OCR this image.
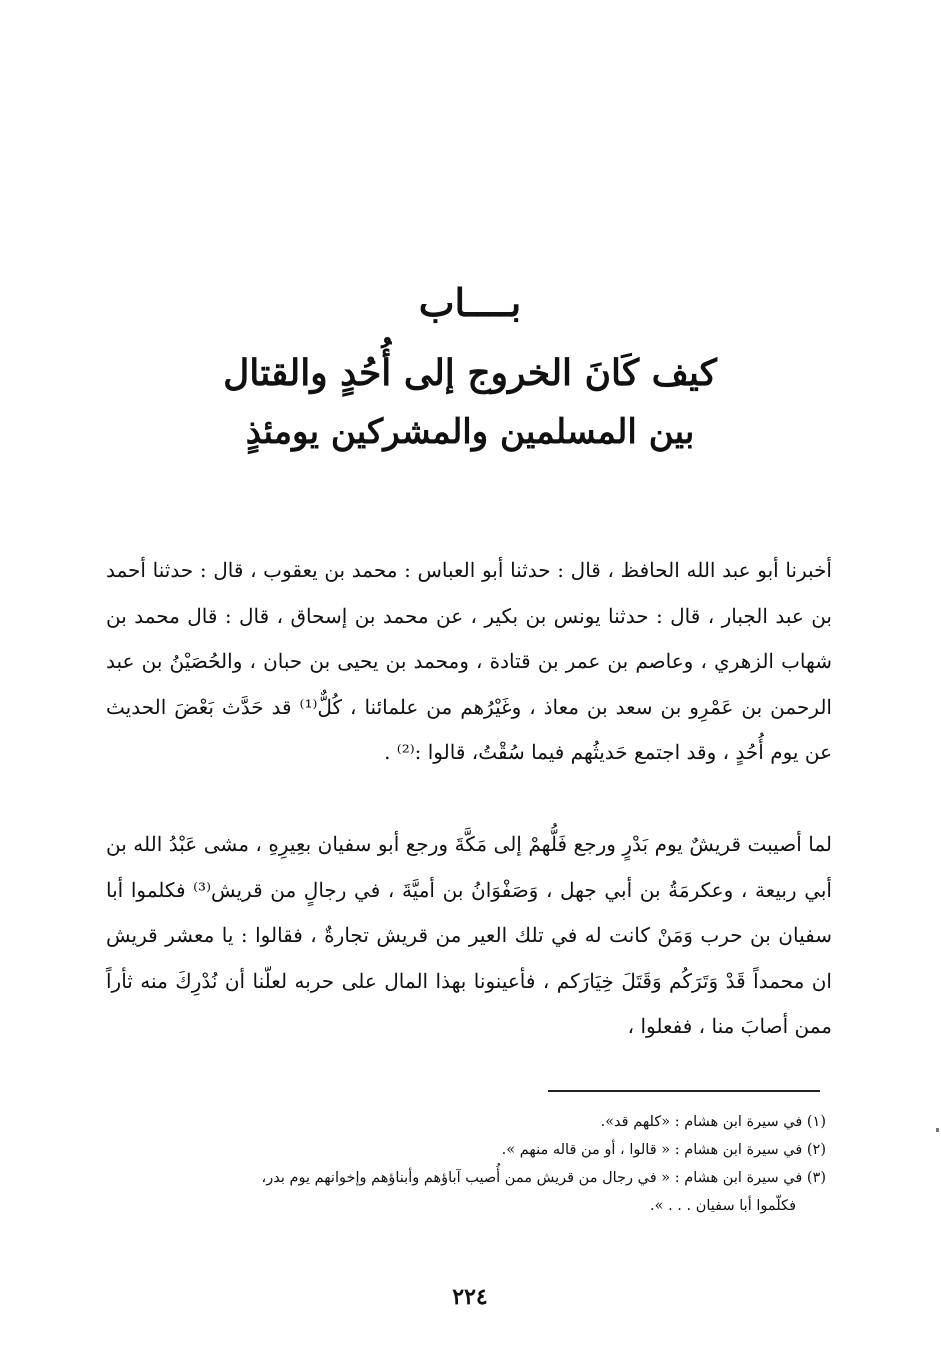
بــــاب
كيف كَانَ الخروج إلى أُحُدٍ والقتال
بين المسلمين والمشركين يومئذٍ

أخبرنا أبو عبد الله الحافظ ، قال : حدثنا أبو العباس : محمد بن يعقوب ، قال : حدثنا أحمد بن عبد الجبار ، قال : حدثنا يونس بن بكير ، عن محمد بن إسحاق ، قال : قال محمد بن شهاب الزهري ، وعاصم بن عمر بن قتادة ، ومحمد بن يحيى بن حبان ، والحُصَيْنُ بن عبد الرحمن بن عَمْرِو بن سعد بن معاذ ، وغَيْرُهم من علمائنا ، كُلٌّ⁽¹⁾ قد حَدَّث بَعْضَ الحديث عن يوم أُحُدٍ ، وقد اجتمع حَديثُهم فيما سُقْتُ، قالوا :⁽²⁾ .

لما أصيبت قريشٌ يوم بَدْرٍ ورجع فَلُّهمْ إلى مَكَّةَ ورجع أبو سفيان بعِيرِهِ ، مشى عَبْدُ الله بن أبي ربيعة ، وعكرمَةُ بن أبي جهل ، وَصَفْوَانُ بن أميَّةَ ، في رجالٍ من قريش⁽³⁾ فكلموا أبا سفيان بن حرب وَمَنْ كانت له في تلك العير من قريش تجارةٌ ، فقالوا : يا معشر قريش ان محمداً قَدْ وَتَرَكُم وَقَتَلَ خِيَارَكم ، فأعينونا بهذا المال على حربه لعلّنا أن نُدْرِكَ منه ثأراً ممن أصابَ منا ، ففعلوا ،

(١) في سيرة ابن هشام : «كلهم قد».

(٢) في سيرة ابن هشام : « قالوا ، أو من قاله منهم ».

(٣) في سيرة ابن هشام : « في رجال من قريش ممن أُصيب آباؤهم وأبناؤهم وإخوانهم يوم بدر،

فكلّموا أبا سفيان . . . ».

٢٢٤
